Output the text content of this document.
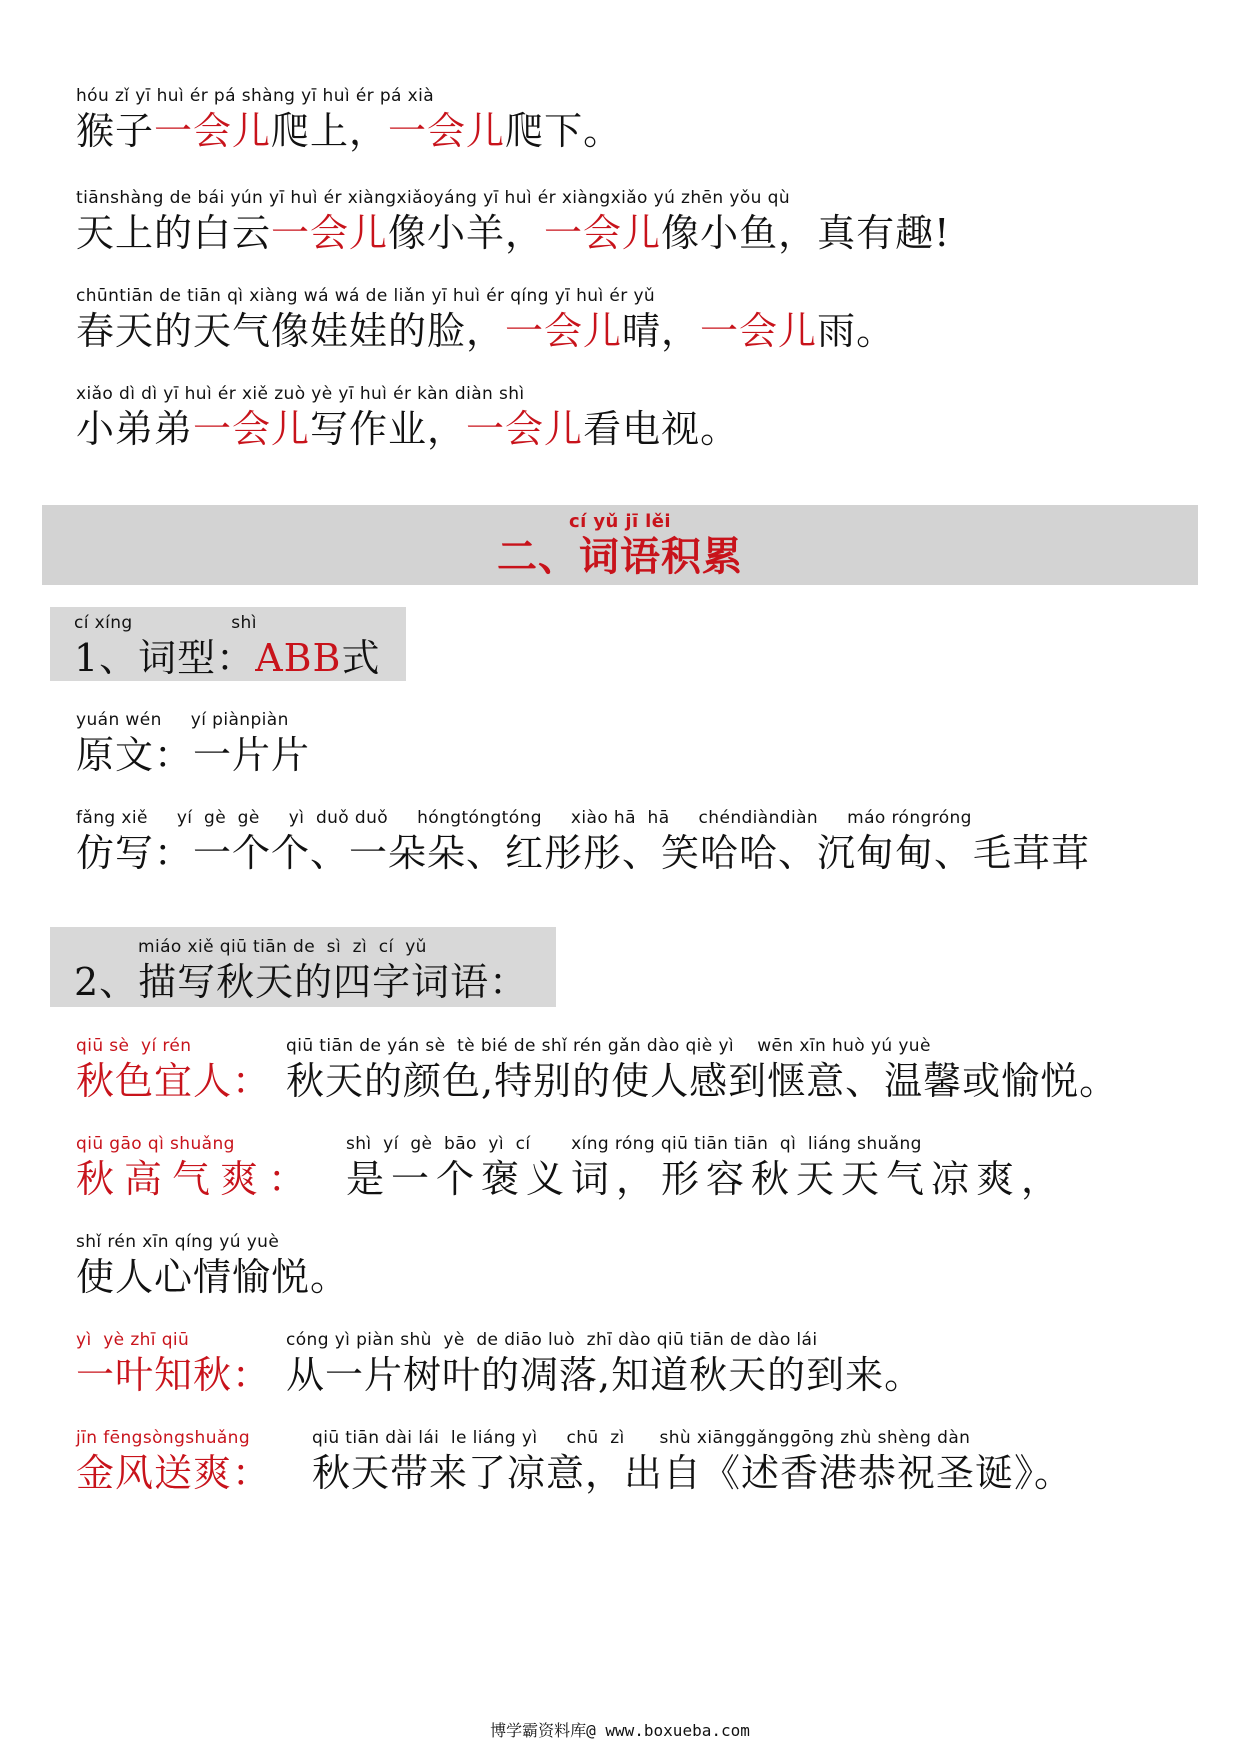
hóu zǐ yī huì ér pá shàng yī huì ér pá xià
猴子一会儿爬上，一会儿爬下。
tiānshàng de bái yún yī huì ér xiàngxiǎoyáng yī huì ér xiàngxiǎo yú zhēn yǒu qù
天上的白云一会儿像小羊，一会儿像小鱼，真有趣!
chūntiān de tiān qì xiàng wá wá de liǎn yī huì ér qíng yī huì ér yǔ
春天的天气像娃娃的脸，一会儿晴，一会儿雨。
xiǎo dì dì yī huì ér xiě zuò yè yī huì ér kàn diàn shì
小弟弟一会儿写作业，一会儿看电视。
cí yǔ jī lěi
二、词语积累
cí xíng                 shì
1、词型：ABB式
yuán wén     yí piànpiàn
原文：一片片
fǎng xiě     yí  gè  gè     yì  duǒ duǒ     hóngtóngtóng     xiào hā  hā     chéndiàndiàn     máo róngróng
仿写：一个个、一朵朵、红彤彤、笑哈哈、沉甸甸、毛茸茸
miáo xiě qiū tiān de  sì  zì  cí  yǔ
2、描写秋天的四字词语：
qiū sè  yí rén	qiū tiān de yán sè  tè bié de shǐ rén gǎn dào qiè yì    wēn xīn huò yú yuè
秋色宜人： 秋天的颜色,特别的使人感到惬意、温馨或愉悦。
qiū gāo qì shuǎng	shì  yí  gè  bāo  yì  cí       xíng róng qiū tiān tiān  qì  liáng shuǎng
秋高气爽： 是一个褒义词，形容秋天天气凉爽，
shǐ rén xīn qíng yú yuè
使人心情愉悦。
yì  yè zhī qiū	cóng yì piàn shù  yè  de diāo luò  zhī dào qiū tiān de dào lái
一叶知秋： 从一片树叶的凋落,知道秋天的到来。
jīn fēngsòngshuǎng	qiū tiān dài lái  le liáng yì     chū  zì      shù xiānggǎnggōng zhù shèng dàn
金风送爽： 秋天带来了凉意，出自《述香港恭祝圣诞》。
博学霸资料库@ www.boxueba.com
